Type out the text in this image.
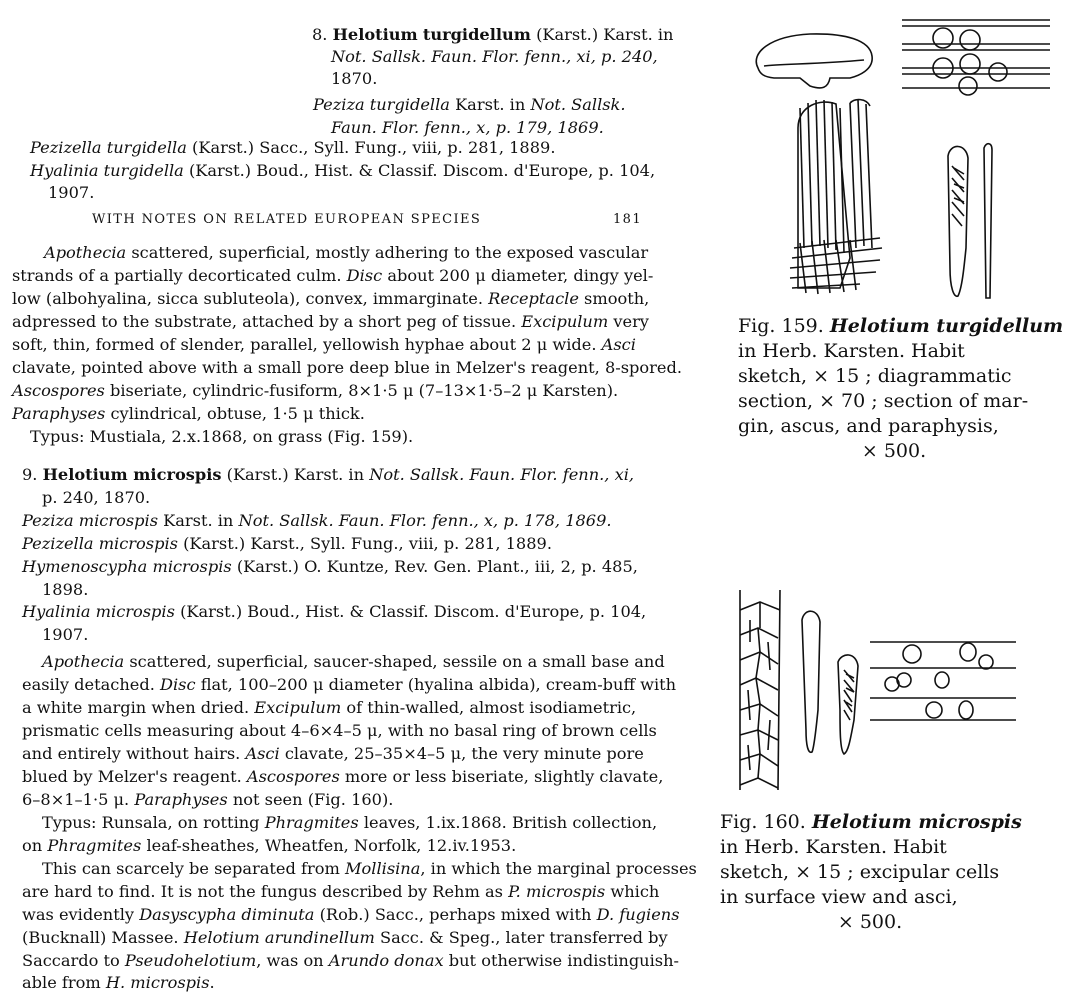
8. Helotium turgidellum (Karst.) Karst. in
Not. Sallsk. Faun. Flor. fenn., xi, p. 240,
1870.
Peziza turgidella Karst. in Not. Sallsk.
Faun. Flor. fenn., x, p. 179, 1869.
Pezizella turgidella (Karst.) Sacc., Syll. Fung., viii, p. 281, 1889.
Hyalinia turgidella (Karst.) Boud., Hist. & Classif. Discom. d'Europe, p. 104,
1907.
WITH NOTES ON RELATED EUROPEAN SPECIES	181
Apothecia scattered, superficial, mostly adhering to the exposed vascular
strands of a partially decorticated culm. Disc about 200 μ diameter, dingy yel-
low (albohyalina, sicca subluteola), convex, immarginate. Receptacle smooth,
adpressed to the substrate, attached by a short peg of tissue. Excipulum very
soft, thin, formed of slender, parallel, yellowish hyphae about 2 μ wide. Asci
clavate, pointed above with a small pore deep blue in Melzer's reagent, 8-spored.
Ascospores biseriate, cylindric-fusiform, 8×1·5 μ (7–13×1·5–2 μ Karsten).
Paraphyses cylindrical, obtuse, 1·5 μ thick.
Typus: Mustiala, 2.x.1868, on grass (Fig. 159).
9. Helotium microspis (Karst.) Karst. in Not. Sallsk. Faun. Flor. fenn., xi,
p. 240, 1870.
Peziza microspis Karst. in Not. Sallsk. Faun. Flor. fenn., x, p. 178, 1869.
Pezizella microspis (Karst.) Karst., Syll. Fung., viii, p. 281, 1889.
Hymenoscypha microspis (Karst.) O. Kuntze, Rev. Gen. Plant., iii, 2, p. 485,
1898.
Hyalinia microspis (Karst.) Boud., Hist. & Classif. Discom. d'Europe, p. 104,
1907.
Apothecia scattered, superficial, saucer-shaped, sessile on a small base and
easily detached. Disc flat, 100–200 μ diameter (hyalina albida), cream-buff with
a white margin when dried. Excipulum of thin-walled, almost isodiametric,
prismatic cells measuring about 4–6×4–5 μ, with no basal ring of brown cells
and entirely without hairs. Asci clavate, 25–35×4–5 μ, the very minute pore
blued by Melzer's reagent. Ascospores more or less biseriate, slightly clavate,
6–8×1–1·5 μ. Paraphyses not seen (Fig. 160).
Typus: Runsala, on rotting Phragmites leaves, 1.ix.1868. British collection,
on Phragmites leaf-sheathes, Wheatfen, Norfolk, 12.iv.1953.
This can scarcely be separated from Mollisina, in which the marginal processes
are hard to find. It is not the fungus described by Rehm as P. microspis which
was evidently Dasyscypha diminuta (Rob.) Sacc., perhaps mixed with D. fugiens
(Bucknall) Massee. Helotium arundinellum Sacc. & Speg., later transferred by
Saccardo to Pseudohelotium, was on Arundo donax but otherwise indistinguish-
able from H. microspis.
Fig. 159. Helotium turgidellum
in Herb. Karsten. Habit
sketch, × 15 ; diagrammatic
section, × 70 ; section of mar-
gin, ascus, and paraphysis,
× 500.
Fig. 160. Helotium microspis
in Herb. Karsten. Habit
sketch, × 15 ; excipular cells
in surface view and asci,
× 500.
